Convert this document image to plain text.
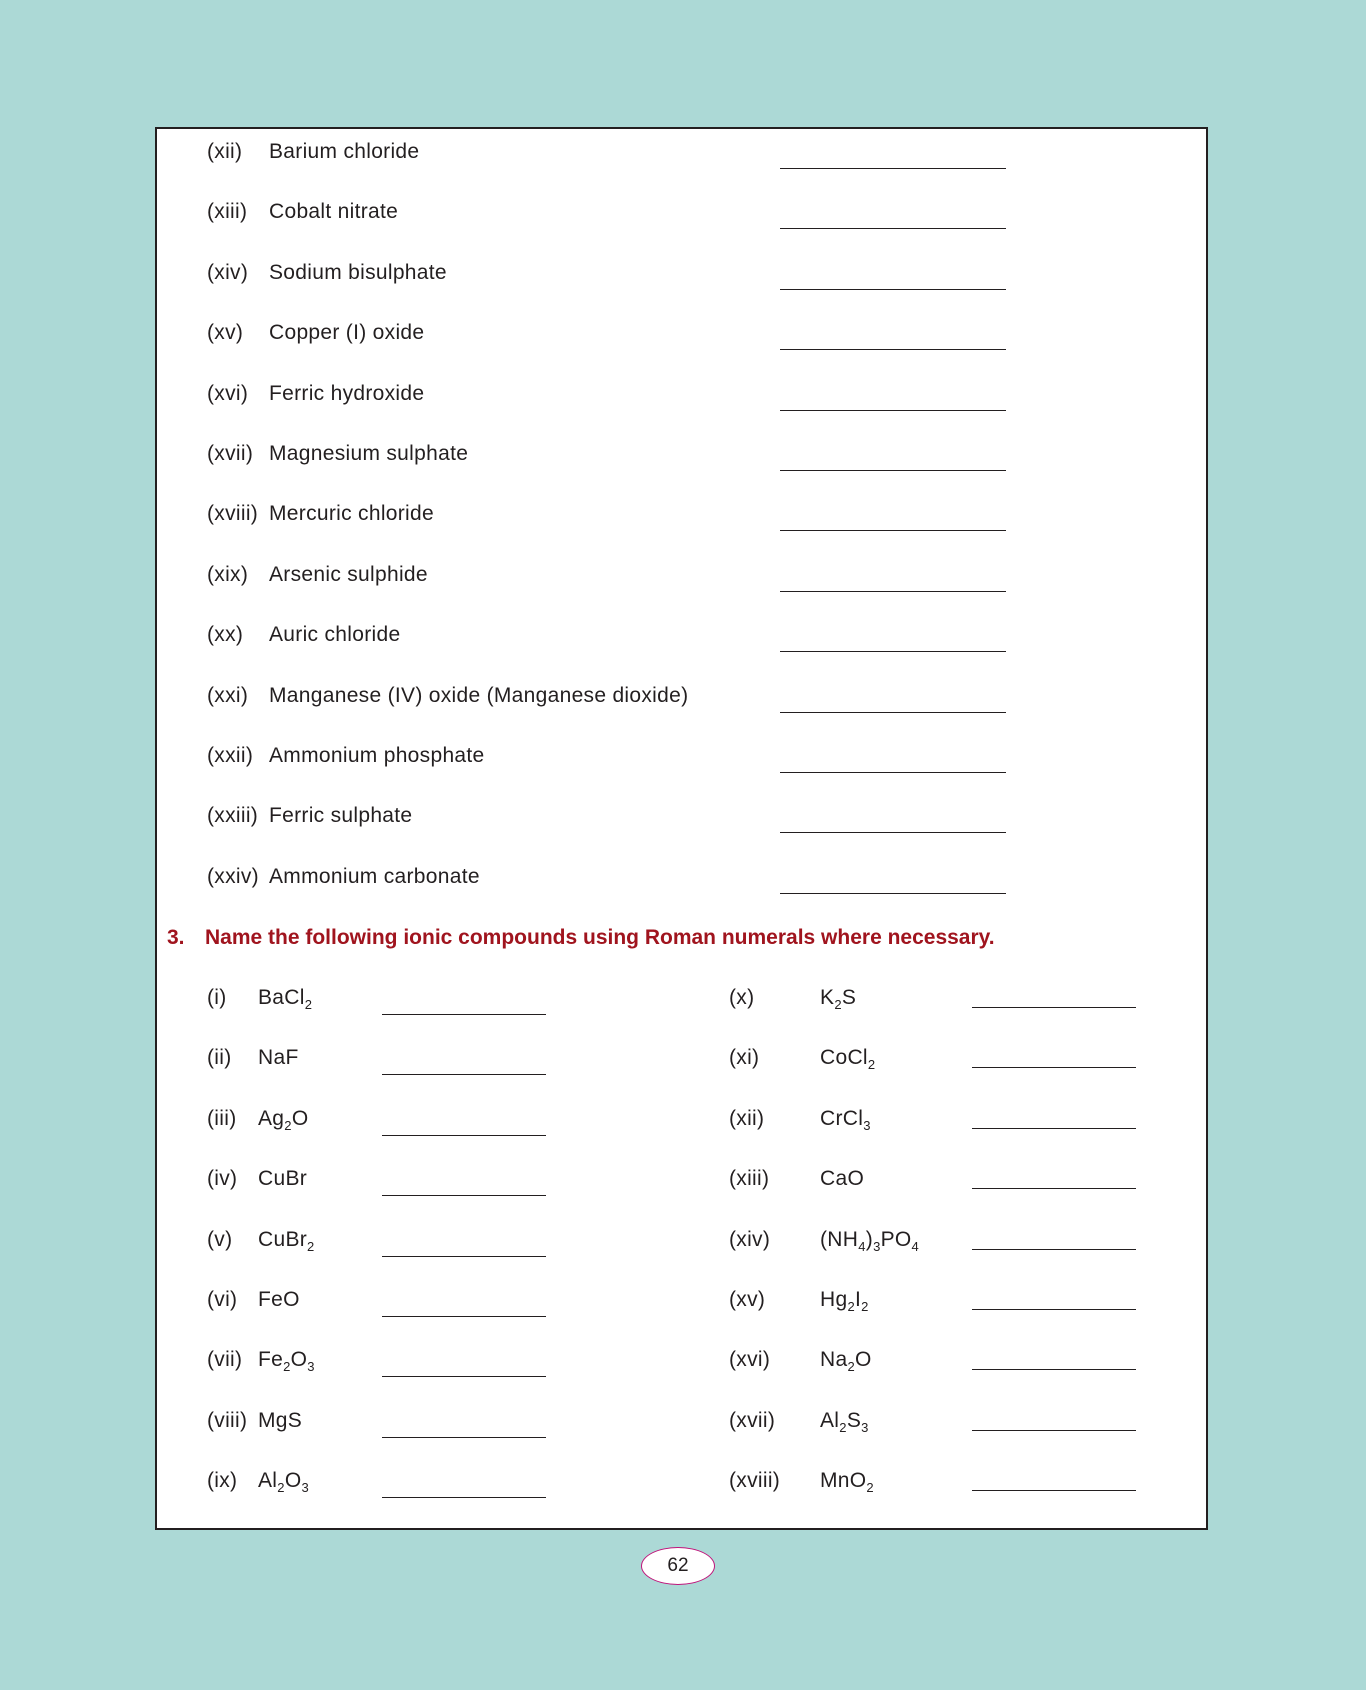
(xii) Barium chloride
(xiii) Cobalt nitrate
(xiv) Sodium bisulphate
(xv) Copper (I) oxide
(xvi) Ferric hydroxide
(xvii) Magnesium sulphate
(xviii) Mercuric chloride
(xix) Arsenic sulphide
(xx) Auric chloride
(xxi) Manganese (IV) oxide (Manganese dioxide)
(xxii) Ammonium phosphate
(xxiii) Ferric sulphate
(xxiv) Ammonium carbonate
3. Name the following ionic compounds using Roman numerals where necessary.
(i) BaCl$_2$
(ii) NaF
(iii) $Ag_2O$
(iv) CuBr
(v) CuBr$_2$
(vi) FeO
(vii) $Fe_2O_3$
(viii) MgS
(ix) $Al_2O_3$
(x)	$K_2S$
(xi)	CoCl$_2$
(xii)	CrCl$_3$
(xiii) CaO
(xiv) $(NH_4)_3PO_4$
(xv)	$Hg_2I_2$
(xvi) $Na_2O$
(xvii) $Al_2S_3$
(xviii) MnO$_2$
62
